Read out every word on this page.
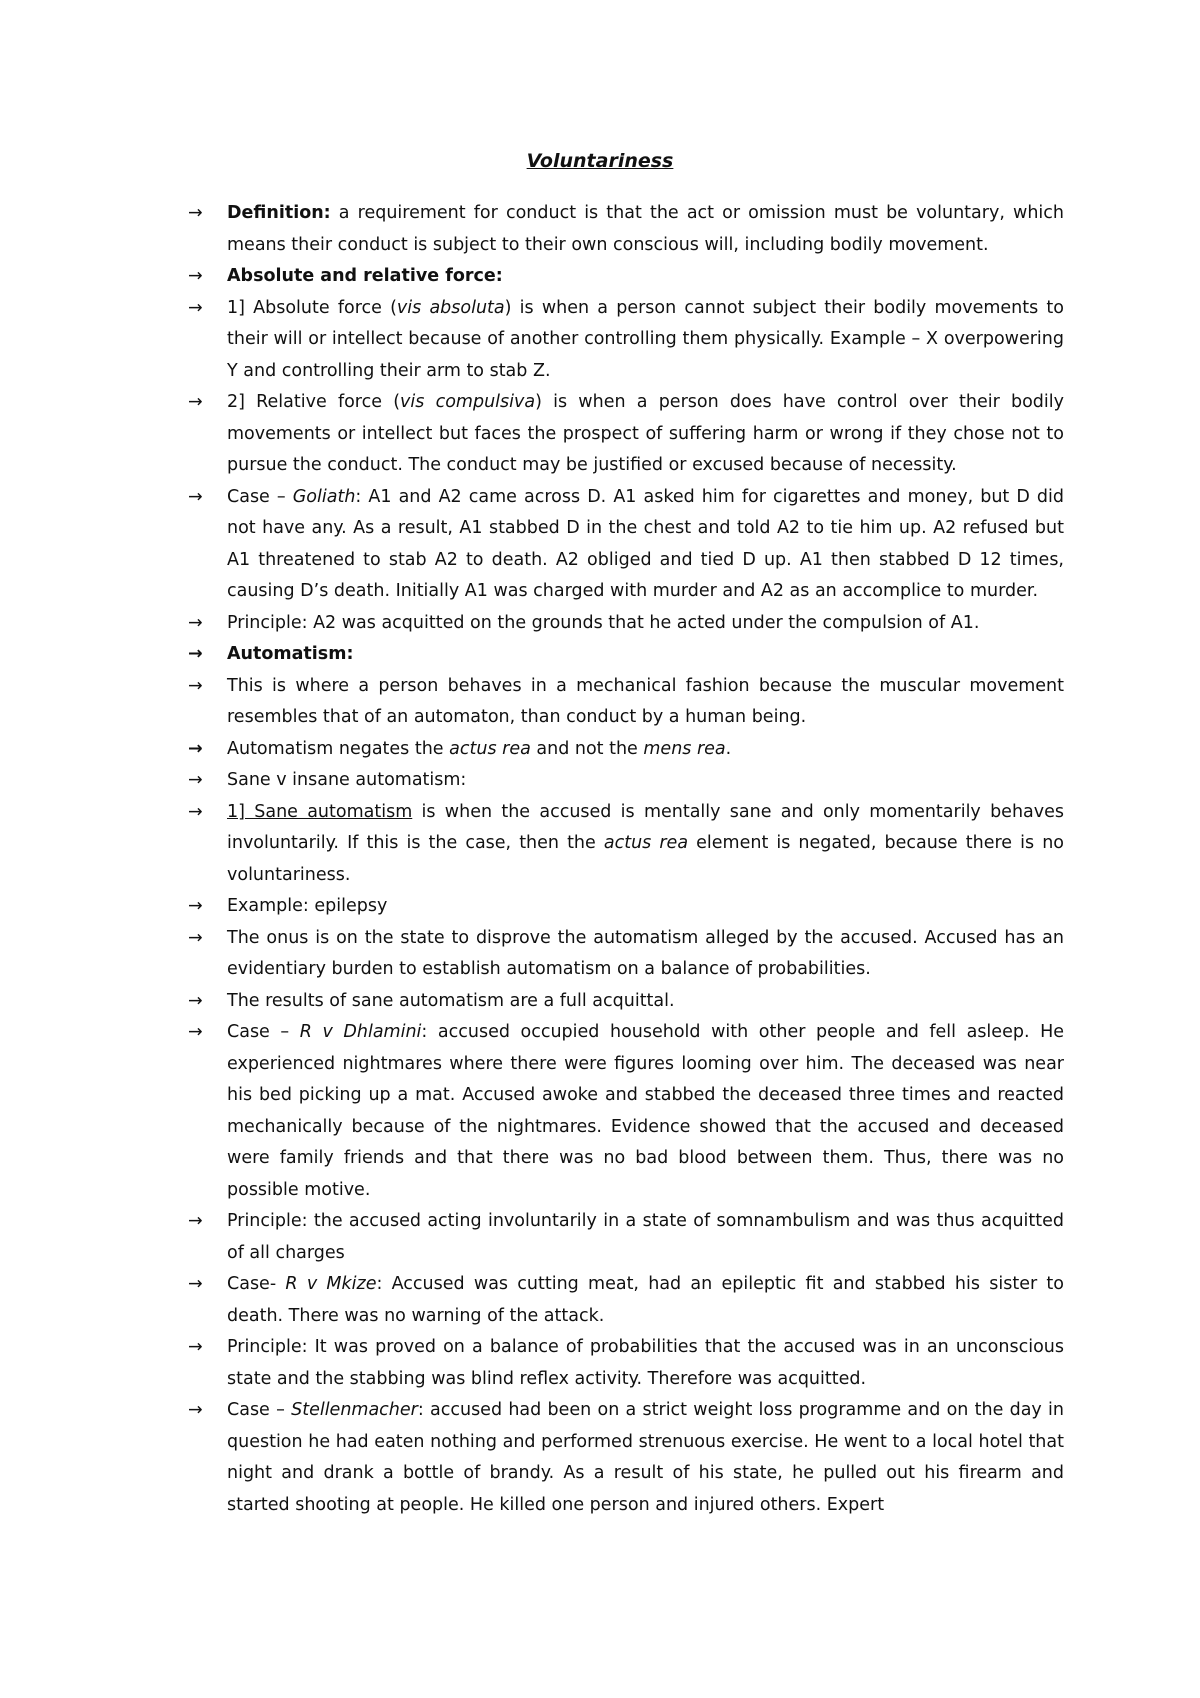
Voluntariness
→	Definition: a requirement for conduct is that the act or omission must be voluntary, which means their conduct is subject to their own conscious will, including bodily movement.
→	Absolute and relative force:
→	1] Absolute force (vis absoluta) is when a person cannot subject their bodily movements to their will or intellect because of another controlling them physically. Example – X overpowering Y and controlling their arm to stab Z.
→	2] Relative force (vis compulsiva) is when a person does have control over their bodily movements or intellect but faces the prospect of suffering harm or wrong if they chose not to pursue the conduct. The conduct may be justified or excused because of necessity.
→	Case – Goliath: A1 and A2 came across D. A1 asked him for cigarettes and money, but D did not have any. As a result, A1 stabbed D in the chest and told A2 to tie him up. A2 refused but A1 threatened to stab A2 to death. A2 obliged and tied D up. A1 then stabbed D 12 times, causing D’s death. Initially A1 was charged with murder and A2 as an accomplice to murder.
→	Principle: A2 was acquitted on the grounds that he acted under the compulsion of A1.
→	Automatism:
→	This is where a person behaves in a mechanical fashion because the muscular movement resembles that of an automaton, than conduct by a human being.
→	Automatism negates the actus rea and not the mens rea.
→	Sane v insane automatism:
→	1] Sane automatism is when the accused is mentally sane and only momentarily behaves involuntarily. If this is the case, then the actus rea element is negated, because there is no voluntariness.
→	Example: epilepsy
→	The onus is on the state to disprove the automatism alleged by the accused. Accused has an evidentiary burden to establish automatism on a balance of probabilities.
→	The results of sane automatism are a full acquittal.
→	Case – R v Dhlamini: accused occupied household with other people and fell asleep. He experienced nightmares where there were figures looming over him. The deceased was near his bed picking up a mat. Accused awoke and stabbed the deceased three times and reacted mechanically because of the nightmares. Evidence showed that the accused and deceased were family friends and that there was no bad blood between them. Thus, there was no possible motive.
→	Principle: the accused acting involuntarily in a state of somnambulism and was thus acquitted of all charges
→	Case- R v Mkize: Accused was cutting meat, had an epileptic fit and stabbed his sister to death. There was no warning of the attack.
→	Principle: It was proved on a balance of probabilities that the accused was in an unconscious state and the stabbing was blind reflex activity. Therefore was acquitted.
→	Case – Stellenmacher: accused had been on a strict weight loss programme and on the day in question he had eaten nothing and performed strenuous exercise. He went to a local hotel that night and drank a bottle of brandy. As a result of his state, he pulled out his firearm and started shooting at people. He killed one person and injured others. Expert
